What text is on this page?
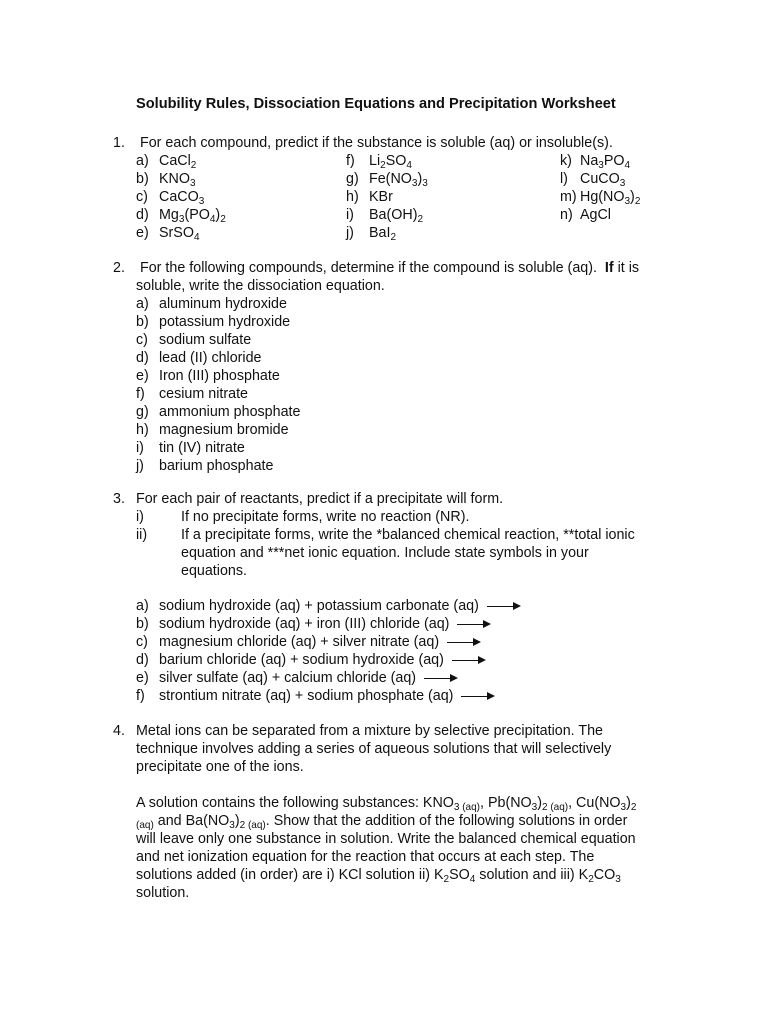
Solubility Rules, Dissociation Equations and Precipitation Worksheet
1. For each compound, predict if the substance is soluble (aq) or insoluble(s).
a) CaCl$_2$
b) $KNO_3$
c) CaCO$_3$
d) $Mg_3(PO_4)_2$
e) SrSO$_4$
f) $Li_2SO_4$
g) $Fe(NO_3)_3$
h) KBr
i) $Ba(OH)_2$
j) BaI$_2$
k) $Na_3PO_4$
l) CuCO$_3$
m) $Hg(NO_3)_2$
n) AgCl
2. For the following compounds, determine if the compound is soluble (aq). If it is
soluble, write the dissociation equation.
a) aluminum hydroxide
b) potassium hydroxide
c) sodium sulfate
d) lead (II) chloride
e) Iron (III) phosphate
f) cesium nitrate
g) ammonium phosphate
h) magnesium bromide
i) tin (IV) nitrate
j) barium phosphate
3. For each pair of reactants, predict if a precipitate will form.
i)	If no precipitate forms, write no reaction (NR).
ii) If a precipitate forms, write the *balanced chemical reaction, **total ionic
equation and ***net ionic equation. Include state symbols in your
equations.
a) sodium hydroxide (aq) + potassium carbonate (aq)
b) sodium hydroxide (aq) + iron (III) chloride (aq)
c) magnesium chloride (aq) + silver nitrate (aq)
d) barium chloride (aq) + sodium hydroxide (aq)
e) silver sulfate (aq) + calcium chloride (aq)
f) strontium nitrate (aq) + sodium phosphate (aq)
4. Metal ions can be separated from a mixture by selective precipitation. The
technique involves adding a series of aqueous solutions that will selectively
precipitate one of the ions.
A solution contains the following substances: $KNO_{3 (aq)}$, $Pb(NO_3)_{2 (aq)}$, $Cu(NO_3)_2$
$_{(aq)}$ and $Ba(NO_3)_{2 (aq)}$. Show that the addition of the following solutions in order
will leave only one substance in solution. Write the balanced chemical equation
and net ionization equation for the reaction that occurs at each step. The
solutions added (in order) are i) KCl solution ii) $K_2SO_4$ solution and iii) $K_2CO_3$
solution.
